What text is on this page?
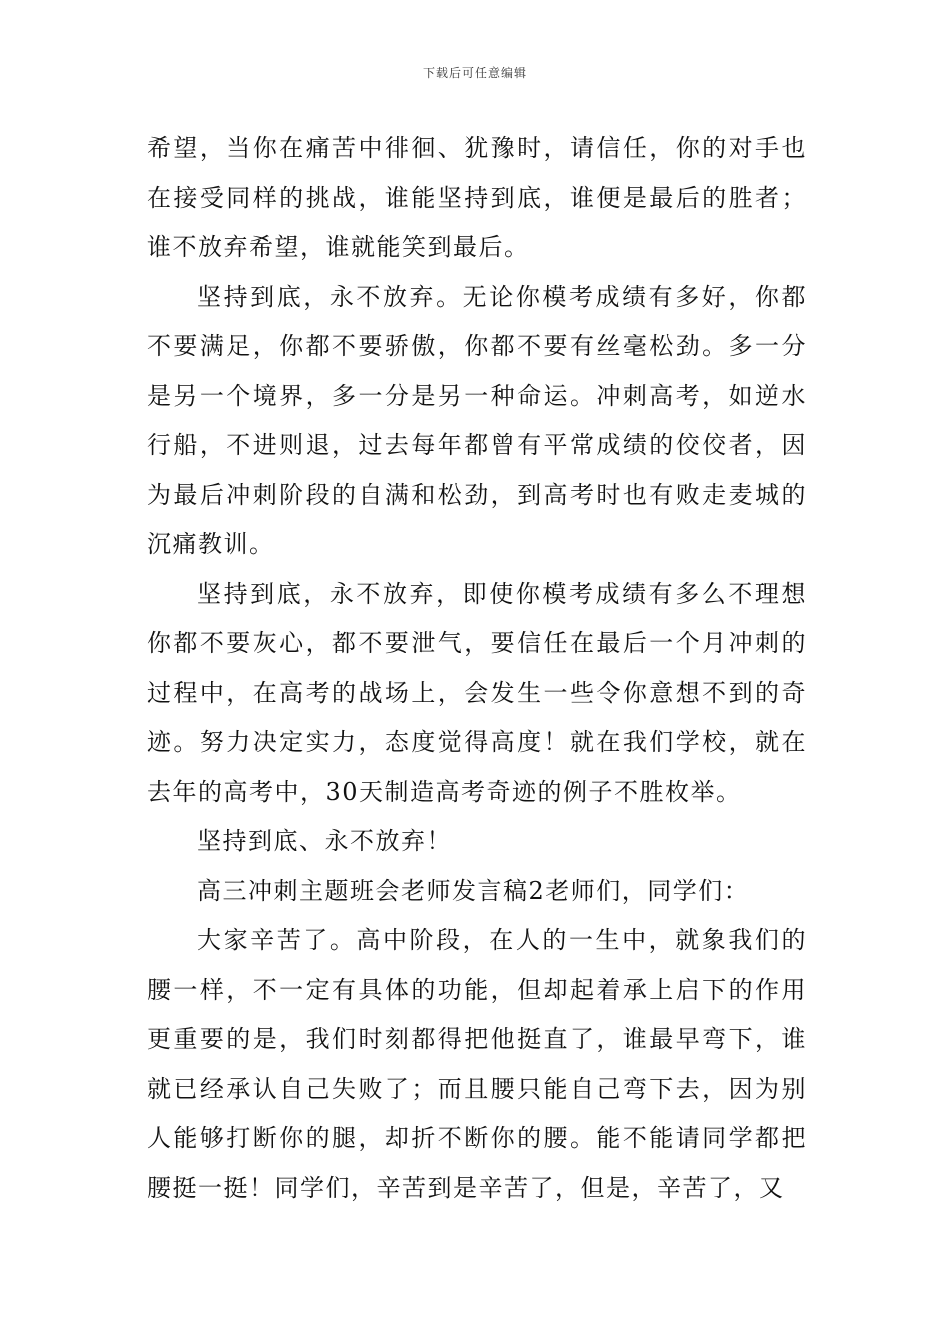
下载后可任意编辑

希望，当你在痛苦中徘徊、犹豫时，请信任，你的对手也在接受同样的挑战，谁能坚持到底，谁便是最后的胜者；谁不放弃希望，谁就能笑到最后。

坚持到底，永不放弃。无论你模考成绩有多好，你都不要满足，你都不要骄傲，你都不要有丝毫松劲。多一分是另一个境界，多一分是另一种命运。冲刺高考，如逆水行船，不进则退，过去每年都曾有平常成绩的佼佼者，因为最后冲刺阶段的自满和松劲，到高考时也有败走麦城的沉痛教训。

坚持到底，永不放弃，即使你模考成绩有多么不理想你都不要灰心，都不要泄气，要信任在最后一个月冲刺的过程中，在高考的战场上，会发生一些令你意想不到的奇迹。努力决定实力，态度觉得高度！就在我们学校，就在去年的高考中，30天制造高考奇迹的例子不胜枚举。

坚持到底、永不放弃！

高三冲刺主题班会老师发言稿2老师们，同学们：

大家辛苦了。高中阶段，在人的一生中，就象我们的腰一样，不一定有具体的功能，但却起着承上启下的作用更重要的是，我们时刻都得把他挺直了，谁最早弯下，谁就已经承认自己失败了；而且腰只能自己弯下去，因为别人能够打断你的腿，却折不断你的腰。能不能请同学都把腰挺一挺！同学们，辛苦到是辛苦了，但是，辛苦了，又
